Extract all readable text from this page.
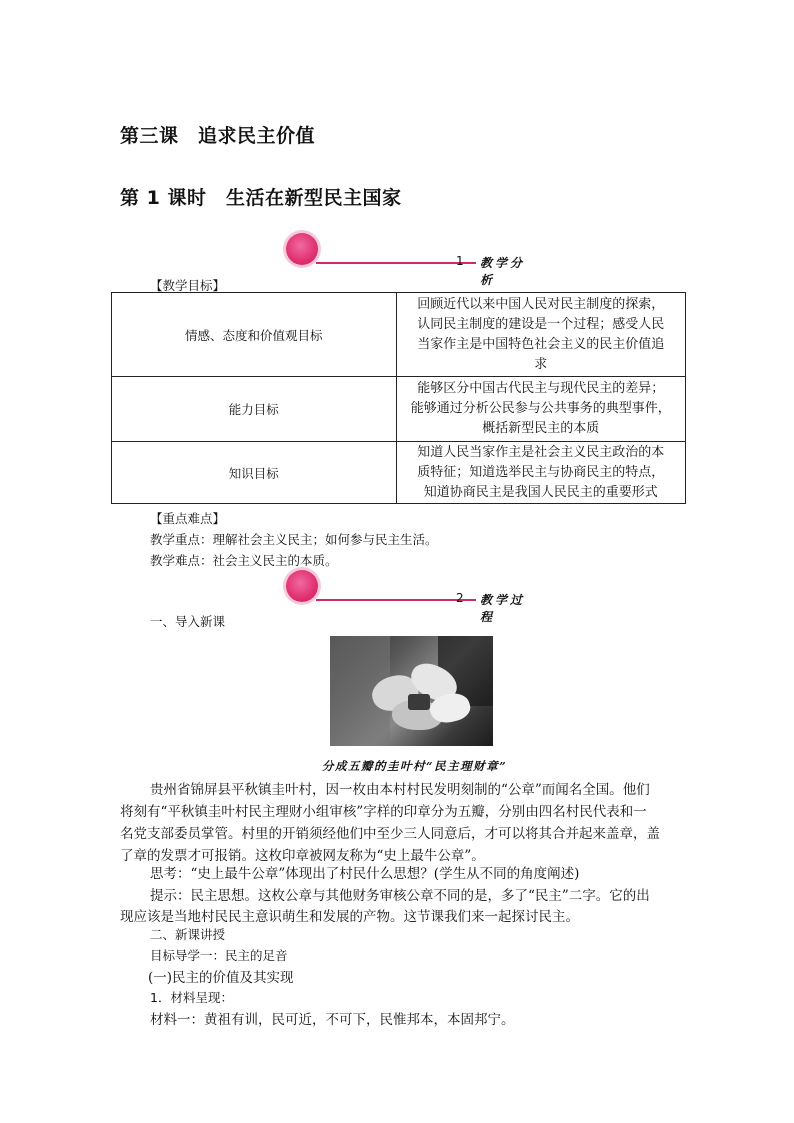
第三课　追求民主价值
第 1 课时　生活在新型民主国家
1 教学分析
【教学目标】
情感、态度和价值观目标	回顾近代以来中国人民对民主制度的探索，
认同民主制度的建设是一个过程；感受人民
当家作主是中国特色社会主义的民主价值追
求

能力目标	能够区分中国古代民主与现代民主的差异；
能够通过分析公民参与公共事务的典型事件，
概括新型民主的本质

知识目标	知道人民当家作主是社会主义民主政治的本
质特征；知道选举民主与协商民主的特点，
知道协商民主是我国人民民主的重要形式
【重点难点】
教学重点：理解社会主义民主；如何参与民主生活。
教学难点：社会主义民主的本质。
2 教学过程
一、导入新课
分成五瓣的圭叶村“民主理财章”
贵州省锦屏县平秋镇圭叶村，因一枚由本村村民发明刻制的“公章”而闻名全国。他们
将刻有“平秋镇圭叶村民主理财小组审核”字样的印章分为五瓣，分别由四名村民代表和一
名党支部委员掌管。村里的开销须经他们中至少三人同意后，才可以将其合并起来盖章，盖
了章的发票才可报销。这枚印章被网友称为“史上最牛公章”。
思考：“史上最牛公章”体现出了村民什么思想？(学生从不同的角度阐述)
提示：民主思想。这枚公章与其他财务审核公章不同的是，多了“民主”二字。它的出
现应该是当地村民民主意识萌生和发展的产物。这节课我们来一起探讨民主。
二、新课讲授
目标导学一：民主的足音
(一)民主的价值及其实现
1．材料呈现：
材料一：黄祖有训，民可近，不可下，民惟邦本，本固邦宁。
